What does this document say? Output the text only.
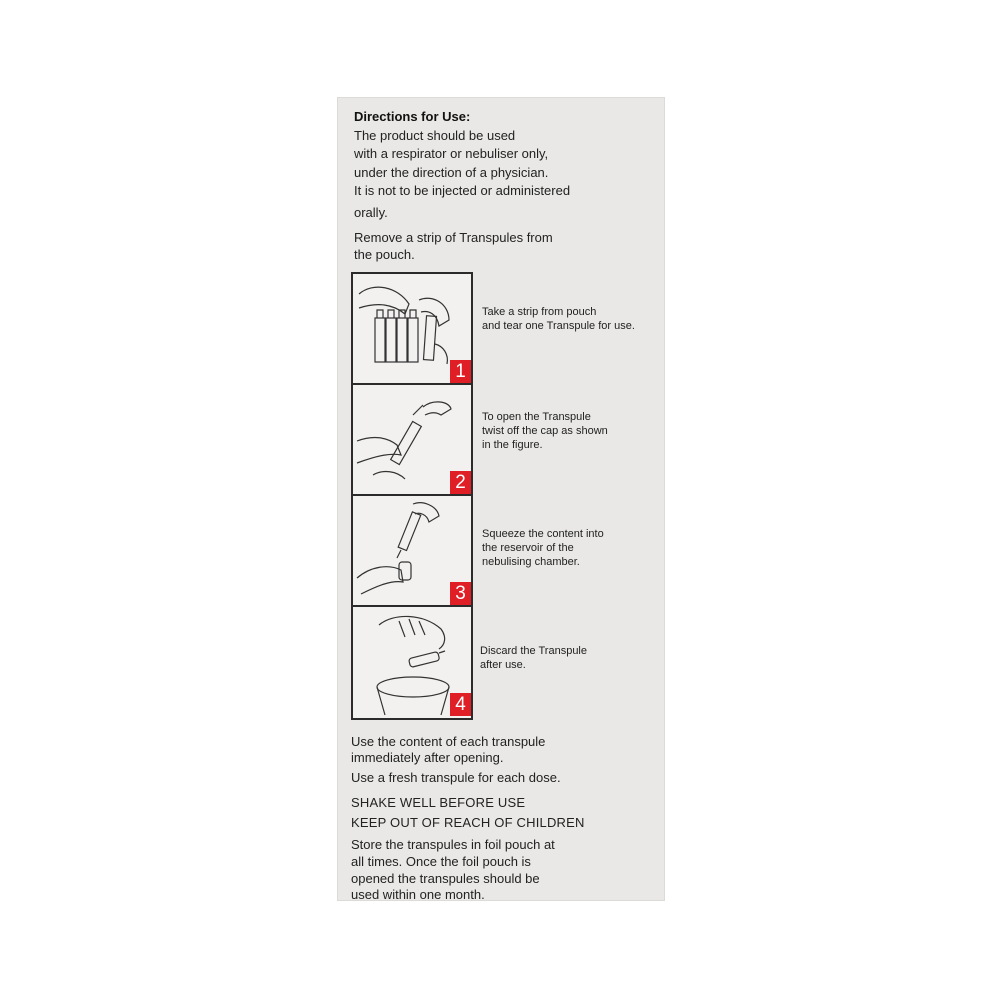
Directions for Use:
The product should be used
with a respirator or nebuliser only,
under the direction of a physician.
It is not to be injected or administered
orally.
Remove a strip of Transpules from
the pouch.
1
2
3
4
Take a strip from pouch
and tear one Transpule for use.
To open the Transpule
twist off the cap as shown
in the figure.
Squeeze the content into
the reservoir of the
nebulising chamber.
Discard the Transpule
after use.
Use the content of each transpule
immediately after opening.
Use a fresh transpule for each dose.
SHAKE WELL BEFORE USE
KEEP OUT OF REACH OF CHILDREN
Store the transpules in foil pouch at
all times. Once the foil pouch is
opened the transpules should be
used within one month.
